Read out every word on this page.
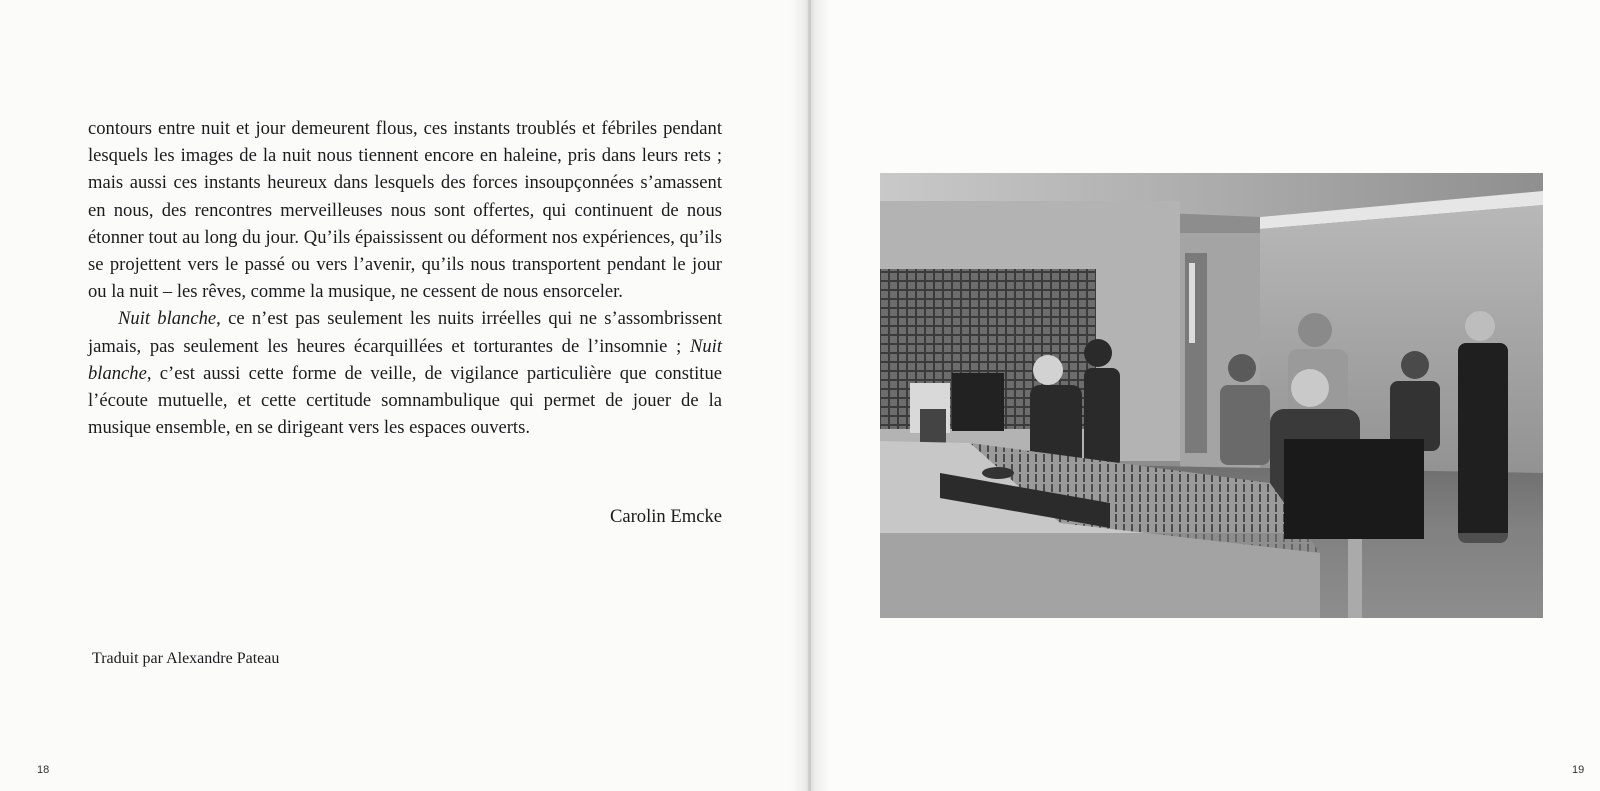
contours entre nuit et jour demeurent flous, ces instants troublés et fébriles pendant lesquels les images de la nuit nous tiennent encore en haleine, pris dans leurs rets ; mais aussi ces instants heureux dans lesquels des forces insoupçonnées s’amassent en nous, des rencontres merveilleuses nous sont offertes, qui continuent de nous étonner tout au long du jour. Qu’ils épaississent ou déforment nos expériences, qu’ils se projettent vers le passé ou vers l’avenir, qu’ils nous transportent pendant le jour ou la nuit – les rêves, comme la musique, ne cessent de nous ensorceler.

Nuit blanche, ce n’est pas seulement les nuits irréelles qui ne s’assombrissent jamais, pas seulement les heures écarquillées et torturantes de l’insomnie ; Nuit blanche, c’est aussi cette forme de veille, de vigilance particulière que constitue l’écoute mutuelle, et cette certitude somnambulique qui permet de jouer de la musique ensemble, en se dirigeant vers les espaces ouverts.

Carolin Emcke
Traduit par Alexandre Pateau
18	19
